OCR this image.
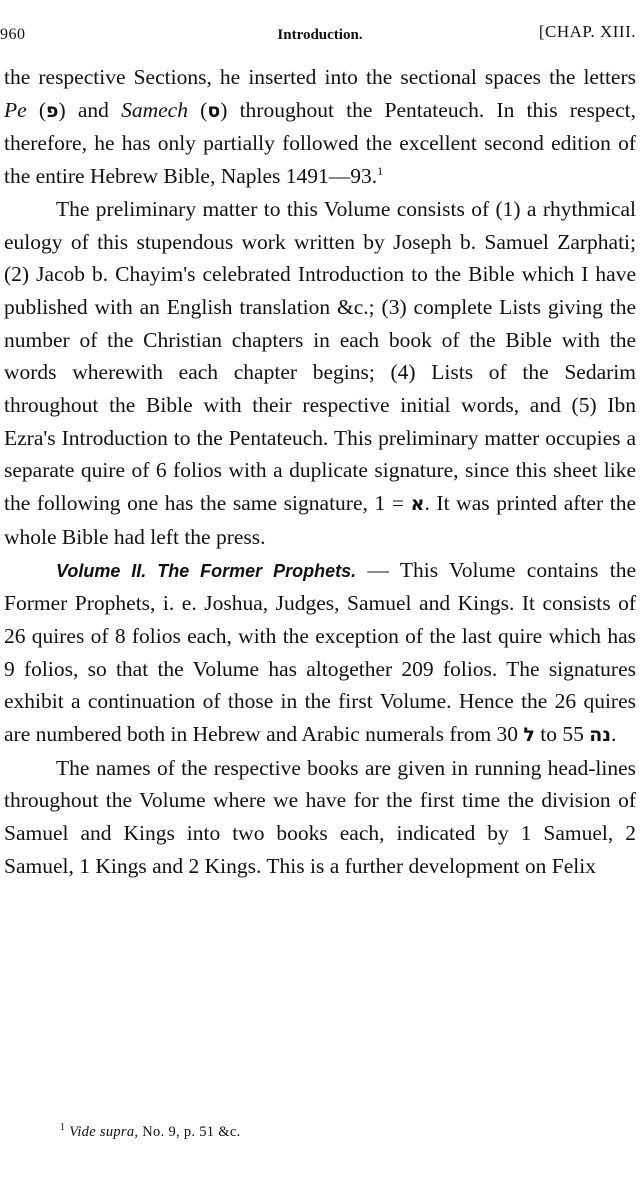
960	Introduction.	[CHAP. XIII.

the respective Sections, he inserted into the sectional spaces the letters Pe (פ) and Samech (ס) throughout the Pentateuch. In this respect, therefore, he has only partially followed the excellent second edition of the entire Hebrew Bible, Naples 1491—93.$^1$

The preliminary matter to this Volume consists of (1) a rhythmical eulogy of this stupendous work written by Joseph b. Samuel Zarphati; (2) Jacob b. Chayim's celebrated Introduction to the Bible which I have published with an English translation &c.; (3) complete Lists giving the number of the Christian chapters in each book of the Bible with the words wherewith each chapter begins; (4) Lists of the Sedarim throughout the Bible with their respective initial words, and (5) Ibn Ezra's Introduction to the Pentateuch. This preliminary matter occupies a separate quire of 6 folios with a duplicate signature, since this sheet like the following one has the same signature, א = 1. It was printed after the whole Bible had left the press.

Volume II. The Former Prophets. — This Volume contains the Former Prophets, i. e. Joshua, Judges, Samuel and Kings. It consists of 26 quires of 8 folios each, with the exception of the last quire which has 9 folios, so that the Volume has altogether 209 folios. The signatures exhibit a continuation of those in the first Volume. Hence the 26 quires are numbered both in Hebrew and Arabic numerals from ל 30 to נה 55.

The names of the respective books are given in running head-lines throughout the Volume where we have for the first time the division of Samuel and Kings into two books each, indicated by 1 Samuel, 2 Samuel, 1 Kings and 2 Kings. This is a further development on Felix

$^1$ Vide supra, No. 9, p. 51 &c.
